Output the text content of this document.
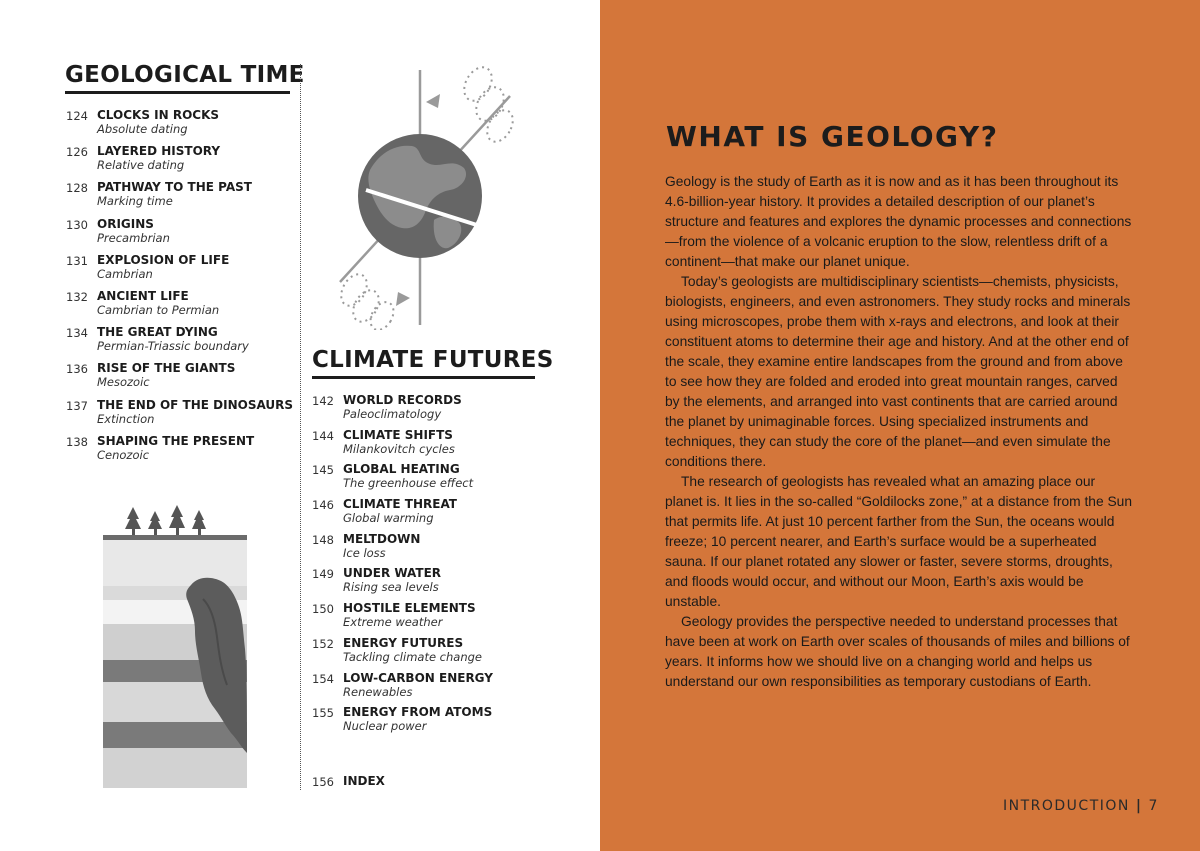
GEOLOGICAL TIME
124 CLOCKS IN ROCKS
Absolute dating
126 LAYERED HISTORY
Relative dating
128 PATHWAY TO THE PAST
Marking time
130 ORIGINS
Precambrian
131 EXPLOSION OF LIFE
Cambrian
132 ANCIENT LIFE
Cambrian to Permian
134 THE GREAT DYING
Permian-Triassic boundary
136 RISE OF THE GIANTS
Mesozoic
137 THE END OF THE DINOSAURS
Extinction
138 SHAPING THE PRESENT
Cenozoic
CLIMATE FUTURES
142 WORLD RECORDS
Paleoclimatology
144 CLIMATE SHIFTS
Milankovitch cycles
145 GLOBAL HEATING
The greenhouse effect
146 CLIMATE THREAT
Global warming
148 MELTDOWN
Ice loss
149 UNDER WATER
Rising sea levels
150 HOSTILE ELEMENTS
Extreme weather
152 ENERGY FUTURES
Tackling climate change
154 LOW-CARBON ENERGY
Renewables
155 ENERGY FROM ATOMS
Nuclear power
156 INDEX
WHAT IS GEOLOGY?

Geology is the study of Earth as it is now and as it has been throughout its 4.6-billion-year history. It provides a detailed description of our planet’s structure and features and explores the dynamic processes and connections—from the violence of a volcanic eruption to the slow, relentless drift of a continent—that make our planet unique.

Today’s geologists are multidisciplinary scientists—chemists, physicists, biologists, engineers, and even astronomers. They study rocks and minerals using microscopes, probe them with x-rays and electrons, and look at their constituent atoms to determine their age and history. And at the other end of the scale, they examine entire landscapes from the ground and from above to see how they are folded and eroded into great mountain ranges, carved by the elements, and arranged into vast continents that are carried around the planet by unimaginable forces. Using specialized instruments and techniques, they can study the core of the planet—and even simulate the conditions there.

The research of geologists has revealed what an amazing place our planet is. It lies in the so-called “Goldilocks zone,” at a distance from the Sun that permits life. At just 10 percent farther from the Sun, the oceans would freeze; 10 percent nearer, and Earth’s surface would be a superheated sauna. If our planet rotated any slower or faster, severe storms, droughts, and floods would occur, and without our Moon, Earth’s axis would be unstable.

Geology provides the perspective needed to understand processes that have been at work on Earth over scales of thousands of miles and billions of years. It informs how we should live on a changing world and helps us understand our own responsibilities as temporary custodians of Earth.

INTRODUCTION | 7
